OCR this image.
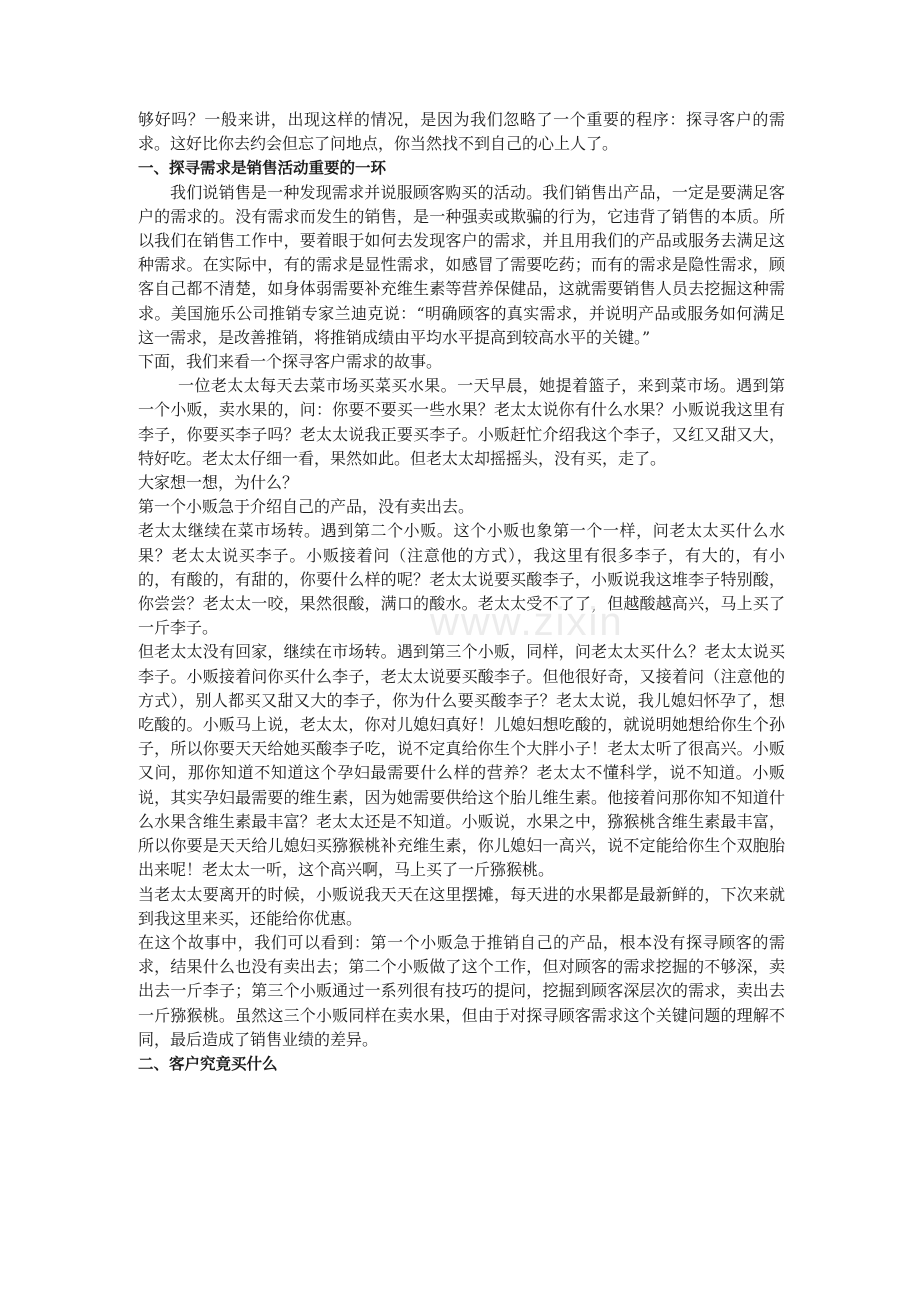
够好吗？一般来讲，出现这样的情况，是因为我们忽略了一个重要的程序：探寻客户的需求。这好比你去约会但忘了问地点，你当然找不到自己的心上人了。

一、探寻需求是销售活动重要的一环

我们说销售是一种发现需求并说服顾客购买的活动。我们销售出产品，一定是要满足客户的需求的。没有需求而发生的销售，是一种强卖或欺骗的行为，它违背了销售的本质。所以我们在销售工作中，要着眼于如何去发现客户的需求，并且用我们的产品或服务去满足这种需求。在实际中，有的需求是显性需求，如感冒了需要吃药；而有的需求是隐性需求，顾客自己都不清楚，如身体弱需要补充维生素等营养保健品，这就需要销售人员去挖掘这种需求。美国施乐公司推销专家兰迪克说：“明确顾客的真实需求，并说明产品或服务如何满足这一需求，是改善推销，将推销成绩由平均水平提高到较高水平的关键。”

下面，我们来看一个探寻客户需求的故事。

一位老太太每天去菜市场买菜买水果。一天早晨，她提着篮子，来到菜市场。遇到第一个小贩，卖水果的，问：你要不要买一些水果？老太太说你有什么水果？小贩说我这里有李子，你要买李子吗？老太太说我正要买李子。小贩赶忙介绍我这个李子，又红又甜又大，特好吃。老太太仔细一看，果然如此。但老太太却摇摇头，没有买，走了。

大家想一想，为什么？

第一个小贩急于介绍自己的产品，没有卖出去。

老太太继续在菜市场转。遇到第二个小贩。这个小贩也象第一个一样，问老太太买什么水果？老太太说买李子。小贩接着问（注意他的方式），我这里有很多李子，有大的，有小的，有酸的，有甜的，你要什么样的呢？老太太说要买酸李子，小贩说我这堆李子特别酸，你尝尝？老太太一咬，果然很酸，满口的酸水。老太太受不了了，但越酸越高兴，马上买了一斤李子。

但老太太没有回家，继续在市场转。遇到第三个小贩，同样，问老太太买什么？老太太说买李子。小贩接着问你买什么李子，老太太说要买酸李子。但他很好奇，又接着问（注意他的方式），别人都买又甜又大的李子，你为什么要买酸李子？老太太说，我儿媳妇怀孕了，想吃酸的。小贩马上说，老太太，你对儿媳妇真好！儿媳妇想吃酸的，就说明她想给你生个孙子，所以你要天天给她买酸李子吃，说不定真给你生个大胖小子！老太太听了很高兴。小贩又问，那你知道不知道这个孕妇最需要什么样的营养？老太太不懂科学，说不知道。小贩说，其实孕妇最需要的维生素，因为她需要供给这个胎儿维生素。他接着问那你知不知道什么水果含维生素最丰富？老太太还是不知道。小贩说，水果之中，猕猴桃含维生素最丰富，所以你要是天天给儿媳妇买猕猴桃补充维生素，你儿媳妇一高兴，说不定能给你生个双胞胎出来呢！老太太一听，这个高兴啊，马上买了一斤猕猴桃。

当老太太要离开的时候，小贩说我天天在这里摆摊，每天进的水果都是最新鲜的，下次来就到我这里来买，还能给你优惠。

在这个故事中，我们可以看到：第一个小贩急于推销自己的产品，根本没有探寻顾客的需求，结果什么也没有卖出去；第二个小贩做了这个工作，但对顾客的需求挖掘的不够深，卖出去一斤李子；第三个小贩通过一系列很有技巧的提问，挖掘到顾客深层次的需求，卖出去一斤猕猴桃。虽然这三个小贩同样在卖水果，但由于对探寻顾客需求这个关键问题的理解不同，最后造成了销售业绩的差异。

二、客户究竟买什么

www.zixin
